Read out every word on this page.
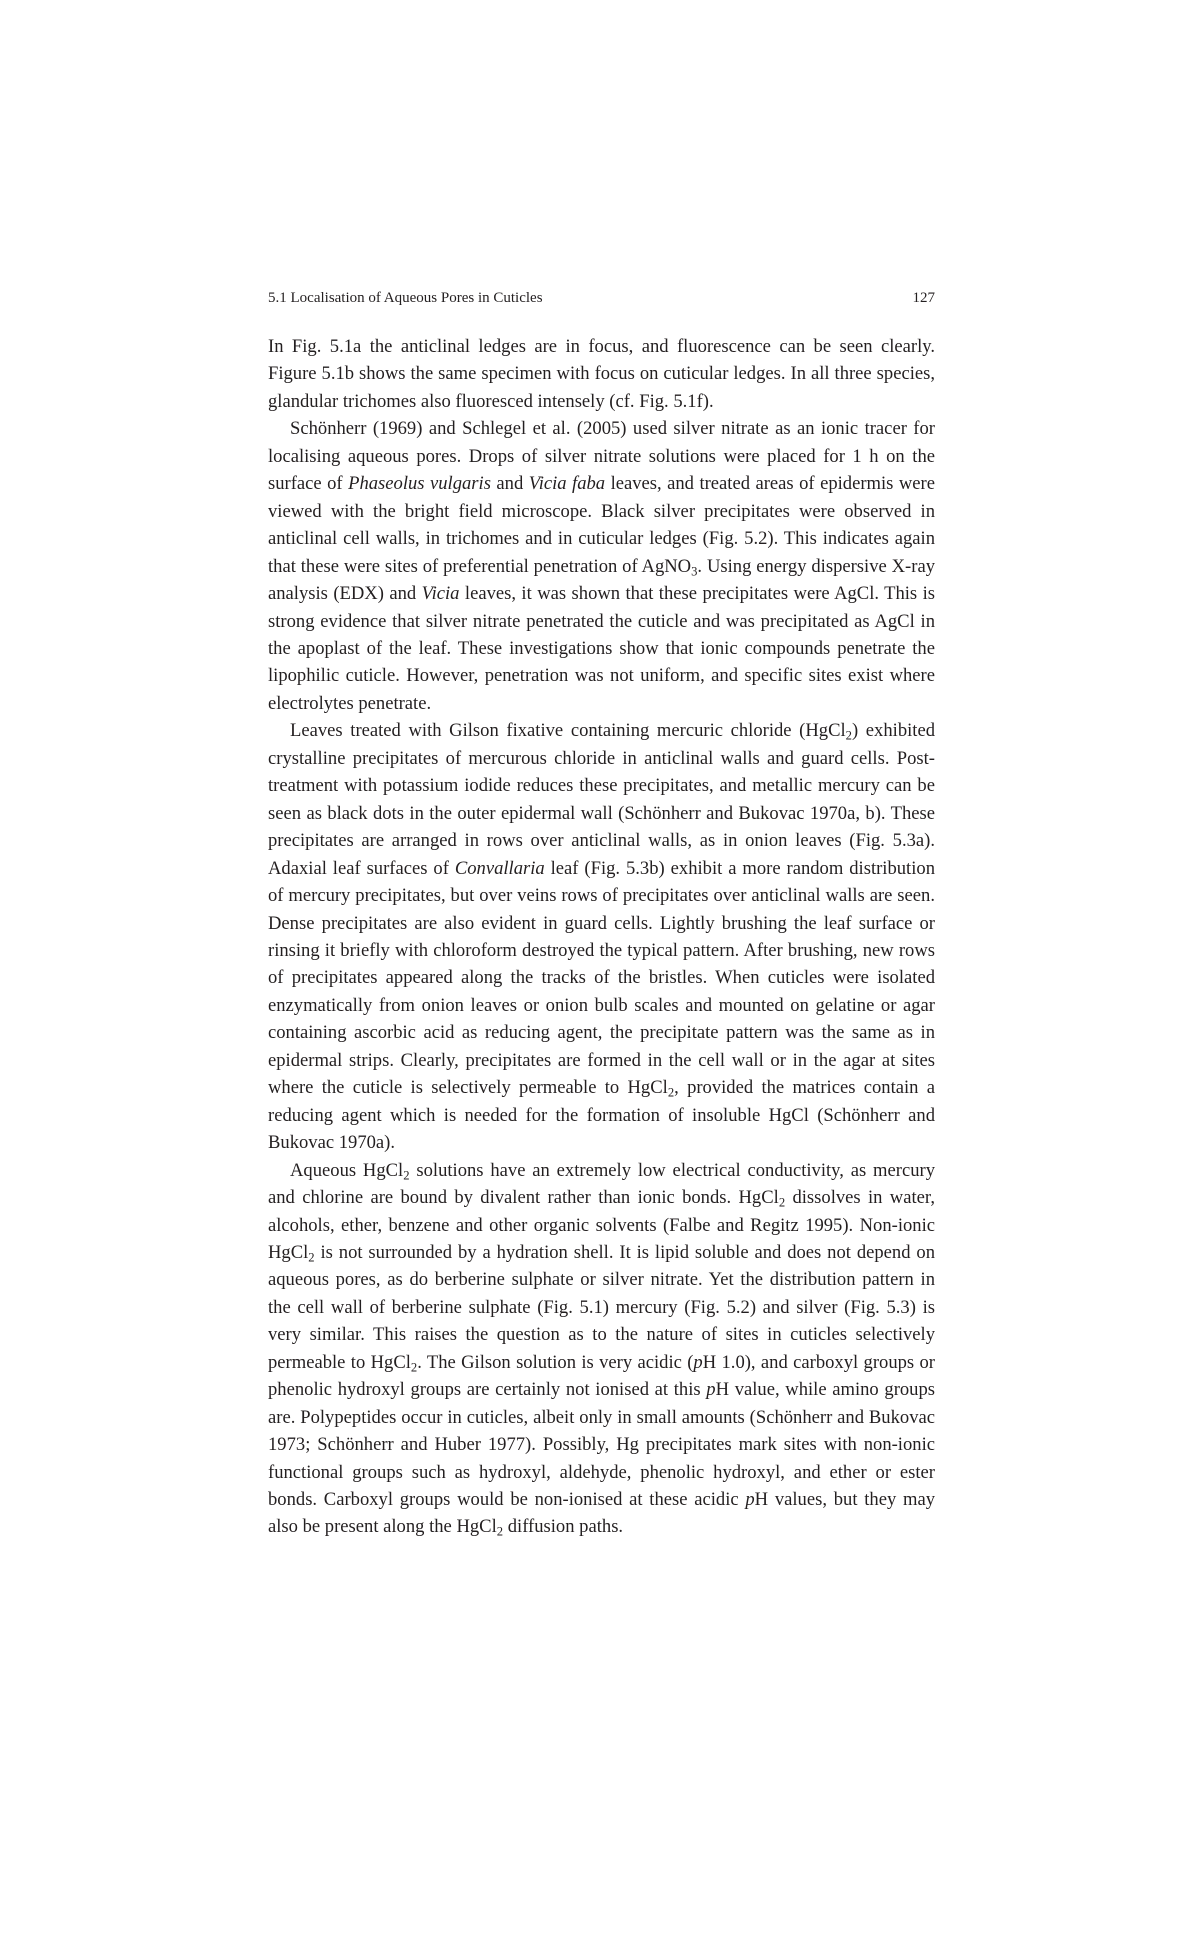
5.1 Localisation of Aqueous Pores in Cuticles	127

In Fig. 5.1a the anticlinal ledges are in focus, and fluorescence can be seen clearly. Figure 5.1b shows the same specimen with focus on cuticular ledges. In all three species, glandular trichomes also fluoresced intensely (cf. Fig. 5.1f).

Schönherr (1969) and Schlegel et al. (2005) used silver nitrate as an ionic tracer for localising aqueous pores. Drops of silver nitrate solutions were placed for 1 h on the surface of Phaseolus vulgaris and Vicia faba leaves, and treated areas of epidermis were viewed with the bright field microscope. Black silver precipitates were observed in anticlinal cell walls, in trichomes and in cuticular ledges (Fig. 5.2). This indicates again that these were sites of preferential penetration of AgNO$_3$. Using energy dispersive X-ray analysis (EDX) and Vicia leaves, it was shown that these precipitates were AgCl. This is strong evidence that silver nitrate penetrated the cuticle and was precipitated as AgCl in the apoplast of the leaf. These investigations show that ionic compounds penetrate the lipophilic cuticle. However, penetration was not uniform, and specific sites exist where electrolytes penetrate.

Leaves treated with Gilson fixative containing mercuric chloride (HgCl$_2$) exhibited crystalline precipitates of mercurous chloride in anticlinal walls and guard cells. Post-treatment with potassium iodide reduces these precipitates, and metallic mercury can be seen as black dots in the outer epidermal wall (Schönherr and Bukovac 1970a, b). These precipitates are arranged in rows over anticlinal walls, as in onion leaves (Fig. 5.3a). Adaxial leaf surfaces of Convallaria leaf (Fig. 5.3b) exhibit a more random distribution of mercury precipitates, but over veins rows of precipitates over anticlinal walls are seen. Dense precipitates are also evident in guard cells. Lightly brushing the leaf surface or rinsing it briefly with chloroform destroyed the typical pattern. After brushing, new rows of precipitates appeared along the tracks of the bristles. When cuticles were isolated enzymatically from onion leaves or onion bulb scales and mounted on gelatine or agar containing ascorbic acid as reducing agent, the precipitate pattern was the same as in epidermal strips. Clearly, precipitates are formed in the cell wall or in the agar at sites where the cuticle is selectively permeable to HgCl$_2$, provided the matrices contain a reducing agent which is needed for the formation of insoluble HgCl (Schönherr and Bukovac 1970a).

Aqueous HgCl$_2$ solutions have an extremely low electrical conductivity, as mercury and chlorine are bound by divalent rather than ionic bonds. HgCl$_2$ dissolves in water, alcohols, ether, benzene and other organic solvents (Falbe and Regitz 1995). Non-ionic HgCl$_2$ is not surrounded by a hydration shell. It is lipid soluble and does not depend on aqueous pores, as do berberine sulphate or silver nitrate. Yet the distribution pattern in the cell wall of berberine sulphate (Fig. 5.1) mercury (Fig. 5.2) and silver (Fig. 5.3) is very similar. This raises the question as to the nature of sites in cuticles selectively permeable to HgCl$_2$. The Gilson solution is very acidic (pH 1.0), and carboxyl groups or phenolic hydroxyl groups are certainly not ionised at this pH value, while amino groups are. Polypeptides occur in cuticles, albeit only in small amounts (Schönherr and Bukovac 1973; Schönherr and Huber 1977). Possibly, Hg precipitates mark sites with non-ionic functional groups such as hydroxyl, aldehyde, phenolic hydroxyl, and ether or ester bonds. Carboxyl groups would be non-ionised at these acidic pH values, but they may also be present along the HgCl$_2$ diffusion paths.
